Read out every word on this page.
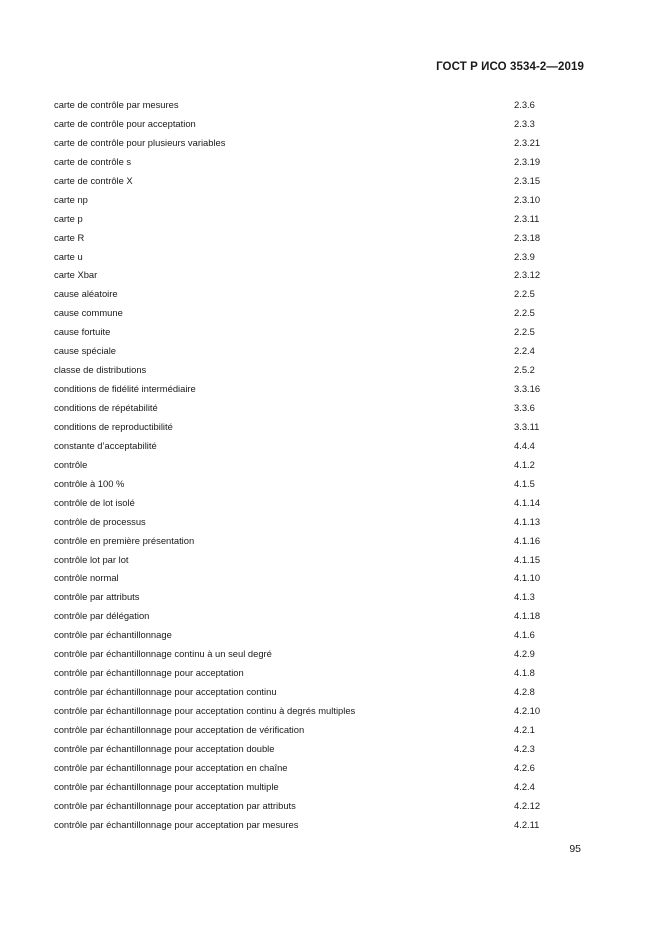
ГОСТ Р ИСО 3534-2—2019
carte de contrôle par mesures	2.3.6
carte de contrôle pour acceptation	2.3.3
carte de contrôle pour plusieurs variables	2.3.21
carte de contrôle s	2.3.19
carte de contrôle X	2.3.15
carte np	2.3.10
carte p	2.3.11
carte R	2.3.18
carte u	2.3.9
carte Xbar	2.3.12
cause aléatoire	2.2.5
cause commune	2.2.5
cause fortuite	2.2.5
cause spéciale	2.2.4
classe de distributions	2.5.2
conditions de fidélité intermédiaire	3.3.16
conditions de répétabilité	3.3.6
conditions de reproductibilité	3.3.11
constante d’acceptabilité	4.4.4
contrôle	4.1.2
contrôle à 100 %	4.1.5
contrôle de lot isolé	4.1.14
contrôle de processus	4.1.13
contrôle en première présentation	4.1.16
contrôle lot par lot	4.1.15
contrôle normal	4.1.10
contrôle par attributs	4.1.3
contrôle par délégation	4.1.18
contrôle par échantillonnage	4.1.6
contrôle par échantillonnage continu à un seul degré	4.2.9
contrôle par échantillonnage pour acceptation	4.1.8
contrôle par échantillonnage pour acceptation continu	4.2.8
contrôle par échantillonnage pour acceptation continu à degrés multiples	4.2.10
contrôle par échantillonnage pour acceptation de vérification	4.2.1
contrôle par échantillonnage pour acceptation double	4.2.3
contrôle par échantillonnage pour acceptation en chaîne	4.2.6
contrôle par échantillonnage pour acceptation multiple	4.2.4
contrôle par échantillonnage pour acceptation par attributs	4.2.12
contrôle par échantillonnage pour acceptation par mesures	4.2.11
95
